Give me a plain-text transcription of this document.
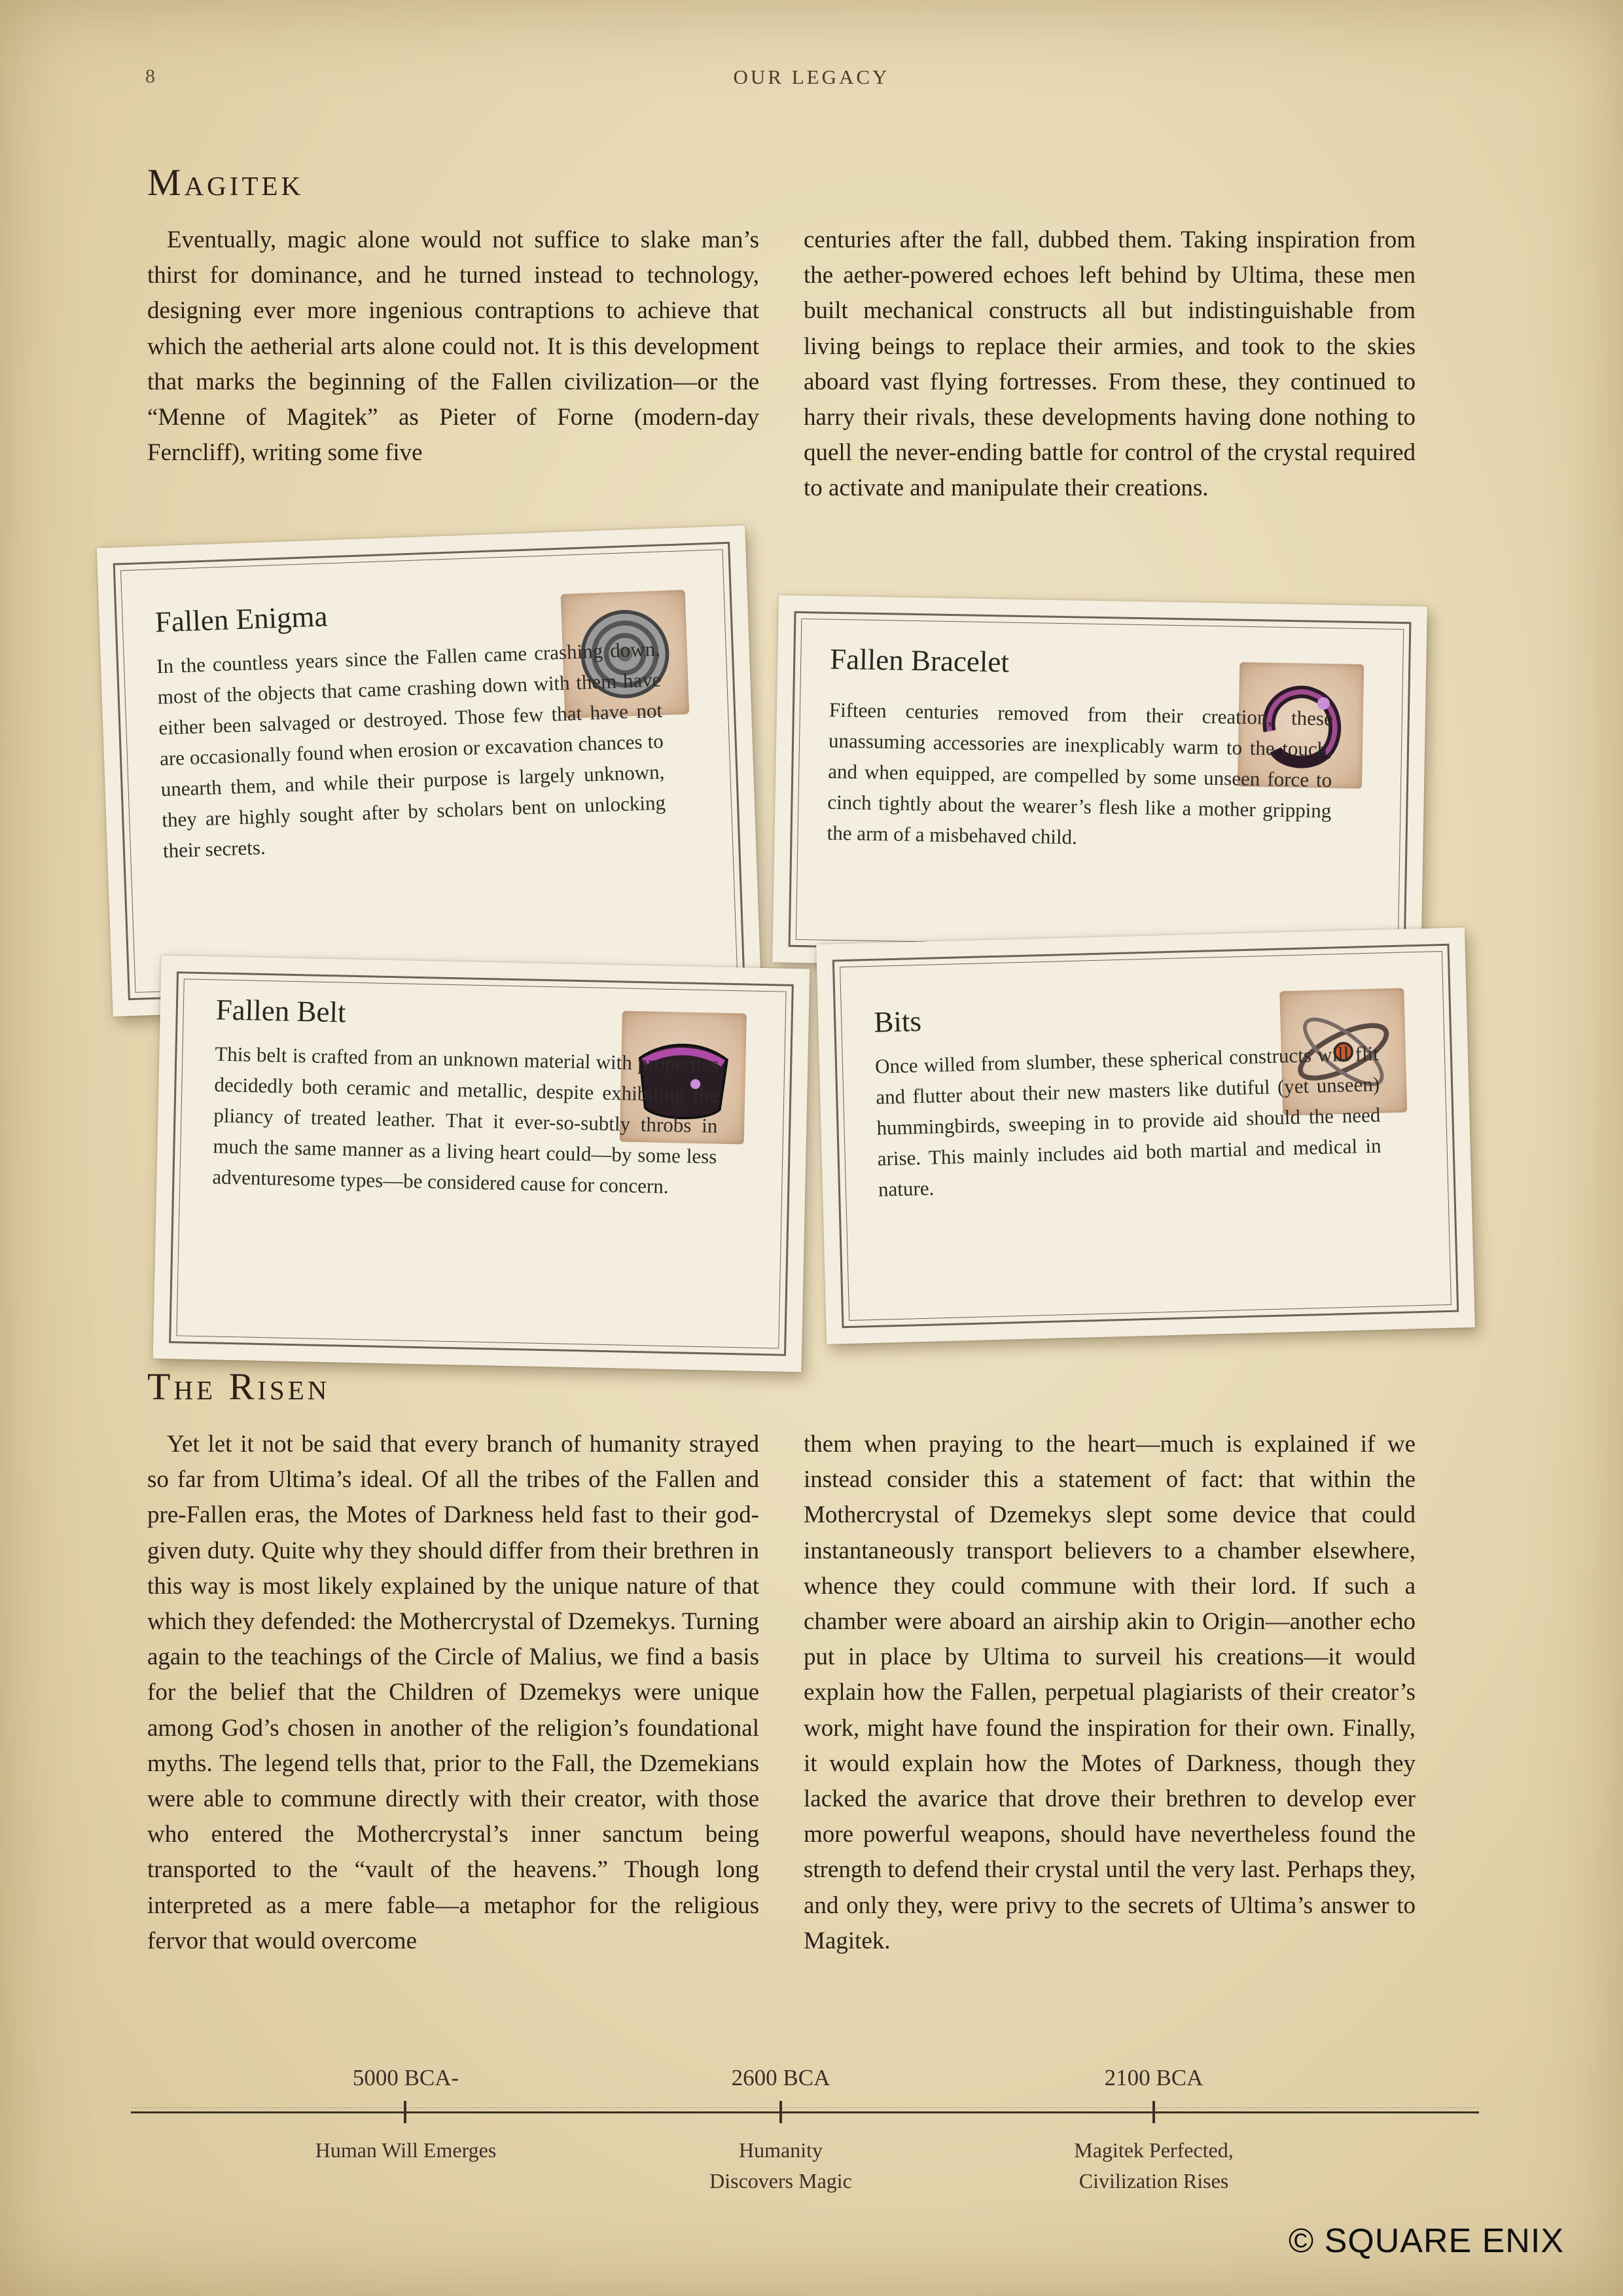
8	OUR LEGACY
Magitek

Eventually, magic alone would not suffice to slake man’s thirst for dominance, and he turned instead to technology, designing ever more ingenious contraptions to achieve that which the aetherial arts alone could not. It is this development that marks the beginning of the Fallen civilization—or the “Menne of Magitek” as Pieter of Forne (modern-day Ferncliff), writing some five

centuries after the fall, dubbed them. Taking inspiration from the aether-powered echoes left behind by Ultima, these men built mechanical constructs all but indistinguishable from living beings to replace their armies, and took to the skies aboard vast flying fortresses. From these, they continued to harry their rivals, these developments having done nothing to quell the never-ending battle for control of the crystal required to activate and manipulate their creations.

Fallen Enigma
In the countless years since the Fallen came crashing down, most of the objects that came crashing down with them have either been salvaged or destroyed. Those few that have not are occasionally found when erosion or excavation chances to unearth them, and while their purpose is largely unknown, they are highly sought after by scholars bent on unlocking their secrets.
Fallen Bracelet
Fifteen centuries removed from their creation, these unassuming accessories are inexplicably warm to the touch, and when equipped, are compelled by some unseen force to cinch tightly about the wearer’s flesh like a mother gripping the arm of a misbehaved child.
Fallen Belt
This belt is crafted from an unknown material with properties decidedly both ceramic and metallic, despite exhibiting the pliancy of treated leather. That it ever-so-subtly throbs in much the same manner as a living heart could—by some less adventuresome types—be considered cause for concern.
Bits
Once willed from slumber, these spherical constructs will flit and flutter about their new masters like dutiful (yet unseen) hummingbirds, sweeping in to provide aid should the need arise. This mainly includes aid both martial and medical in nature.
The Risen

Yet let it not be said that every branch of humanity strayed so far from Ultima’s ideal. Of all the tribes of the Fallen and pre-Fallen eras, the Motes of Darkness held fast to their god-given duty. Quite why they should differ from their brethren in this way is most likely explained by the unique nature of that which they defended: the Mothercrystal of Dzemekys. Turning again to the teachings of the Circle of Malius, we find a basis for the belief that the Children of Dzemekys were unique among God’s chosen in another of the religion’s foundational myths. The legend tells that, prior to the Fall, the Dzemekians were able to commune directly with their creator, with those who entered the Mothercrystal’s inner sanctum being transported to the “vault of the heavens.” Though long interpreted as a mere fable—a metaphor for the religious fervor that would overcome

them when praying to the heart—much is explained if we instead consider this a statement of fact: that within the Mothercrystal of Dzemekys slept some device that could instantaneously transport believers to a chamber elsewhere, whence they could commune with their lord. If such a chamber were aboard an airship akin to Origin—another echo put in place by Ultima to surveil his creations—it would explain how the Fallen, perpetual plagiarists of their creator’s work, might have found the inspiration for their own. Finally, it would explain how the Motes of Darkness, though they lacked the avarice that drove their brethren to develop ever more powerful weapons, should have nevertheless found the strength to defend their crystal until the very last. Perhaps they, and only they, were privy to the secrets of Ultima’s answer to Magitek.

5000 BCA-
Human Will Emerges
2600 BCA
Humanity
Discovers Magic
2100 BCA
Magitek Perfected,
Civilization Rises
© SQUARE ENIX
